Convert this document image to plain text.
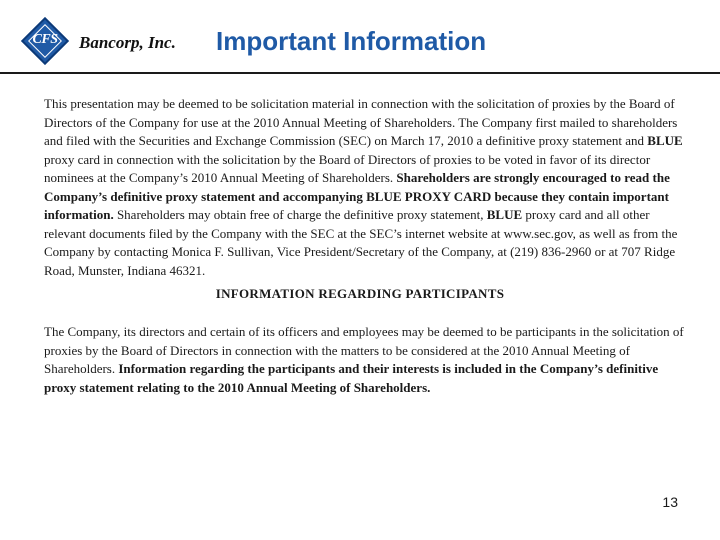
CFS	Bancorp, Inc. Important Information
This presentation may be deemed to be solicitation material in connection with the solicitation of proxies by the Board of Directors of the Company for use at the 2010 Annual Meeting of Shareholders. The Company first mailed to shareholders and filed with the Securities and Exchange Commission (SEC) on March 17, 2010 a definitive proxy statement and BLUE proxy card in connection with the solicitation by the Board of Directors of proxies to be voted in favor of its director nominees at the Company’s 2010 Annual Meeting of Shareholders. Shareholders are strongly encouraged to read the Company’s definitive proxy statement and accompanying BLUE PROXY CARD because they contain important information. Shareholders may obtain free of charge the definitive proxy statement, BLUE proxy card and all other relevant documents filed by the Company with the SEC at the SEC’s internet website at www.sec.gov, as well as from the Company by contacting Monica F. Sullivan, Vice President/Secretary of the Company, at (219) 836-2960 or at 707 Ridge Road, Munster, Indiana 46321.
INFORMATION REGARDING PARTICIPANTS
The Company, its directors and certain of its officers and employees may be deemed to be participants in the solicitation of proxies by the Board of Directors in connection with the matters to be considered at the 2010 Annual Meeting of Shareholders. Information regarding the participants and their interests is included in the Company’s definitive proxy statement relating to the 2010 Annual Meeting of Shareholders.
13
